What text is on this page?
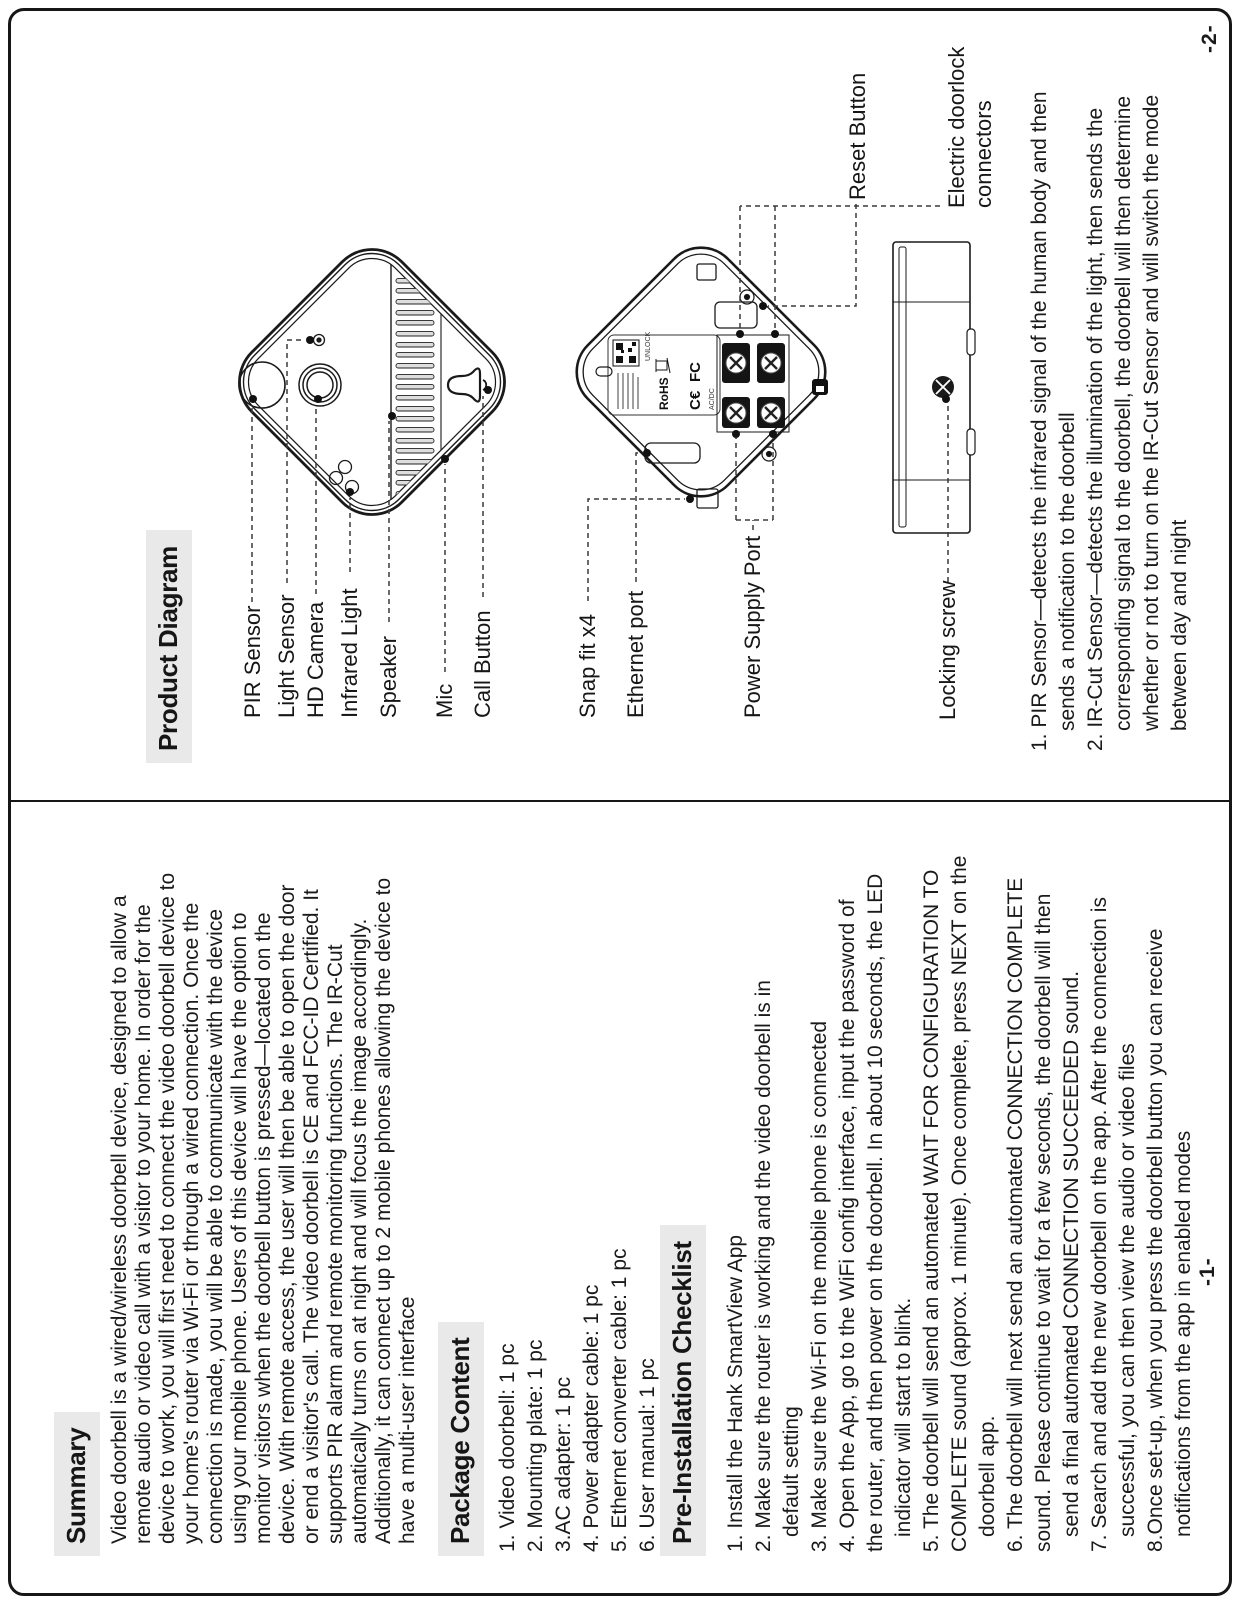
Summary Video doorbell is a wired/wireless doorbell device, designed to allow a remote audio or video call with a visitor to your home. In order for the device to work, you will first need to connect the video doorbell device to your home's router via Wi-Fi or through a wired connection. Once the connection is made, you will be able to communicate with the device using your mobile phone. Users of this device will have the option to monitor visitors when the doorbell button is pressed—located on the device. With remote access, the user will then be able to open the door or end a visitor's call. The video doorbell is CE and FCC-ID Certified. It supports PIR alarm and remote monitoring functions. The IR-Cut automatically turns on at night and will focus the image accordingly. Additionally, it can connect up to 2 mobile phones allowing the device to have a multi-user interface Package Content	1. Video doorbell: 1 pc 2. Mounting plate: 1 pc 3.AC adapter: 1 pc 4. Power adapter cable: 1 pc 5. Ethernet converter cable: 1 pc 6. User manual: 1 pc Pre-Installation Checklist	1. Install the Hank SmartView App 2. Make sure the router is working and the video doorbell is in default setting 3. Make sure the Wi-Fi on the mobile phone is connected 4. Open the App, go to the WiFi config interface, input the password of the router, and then power on the doorbell. In about 10 seconds, the LED indicator will start to blink. 5. The doorbell will send an automated WAIT FOR CONFIGURATION TO COMPLETE sound (approx. 1 minute). Once complete, press NEXT on the doorbell app. 6. The doorbell will next send an automated CONNECTION COMPLETE sound. Please continue to wait for a few seconds, the doorbell will then send a final automated CONNECTION SUCCEEDED sound. 7. Search and add the new doorbell on the app. After the connection is successful, you can then view the audio or video files 8.Once set-up, when you press the doorbell button you can receive notifications from the app in enabled modes -1-
Product Diagram	PIR Sensor Light Sensor HD Camera Infrared Light Speaker Mic Call Button	Snap fit x4 Ethernet port	Power Supply Port
Reset Button	Electric doorlock connectors
Locking screw
RoHS C€
FC
UNLOCK
AC/DC	1. PIR Sensor—detects the infrared signal of the human body and then sends a notification to the doorbell 2. IR-Cut Sensor—detects the illumination of the light, then sends the corresponding signal to the doorbell, the doorbell will then determine whether or not to turn on the IR-Cut Sensor and will switch the mode between day and night
-2-
